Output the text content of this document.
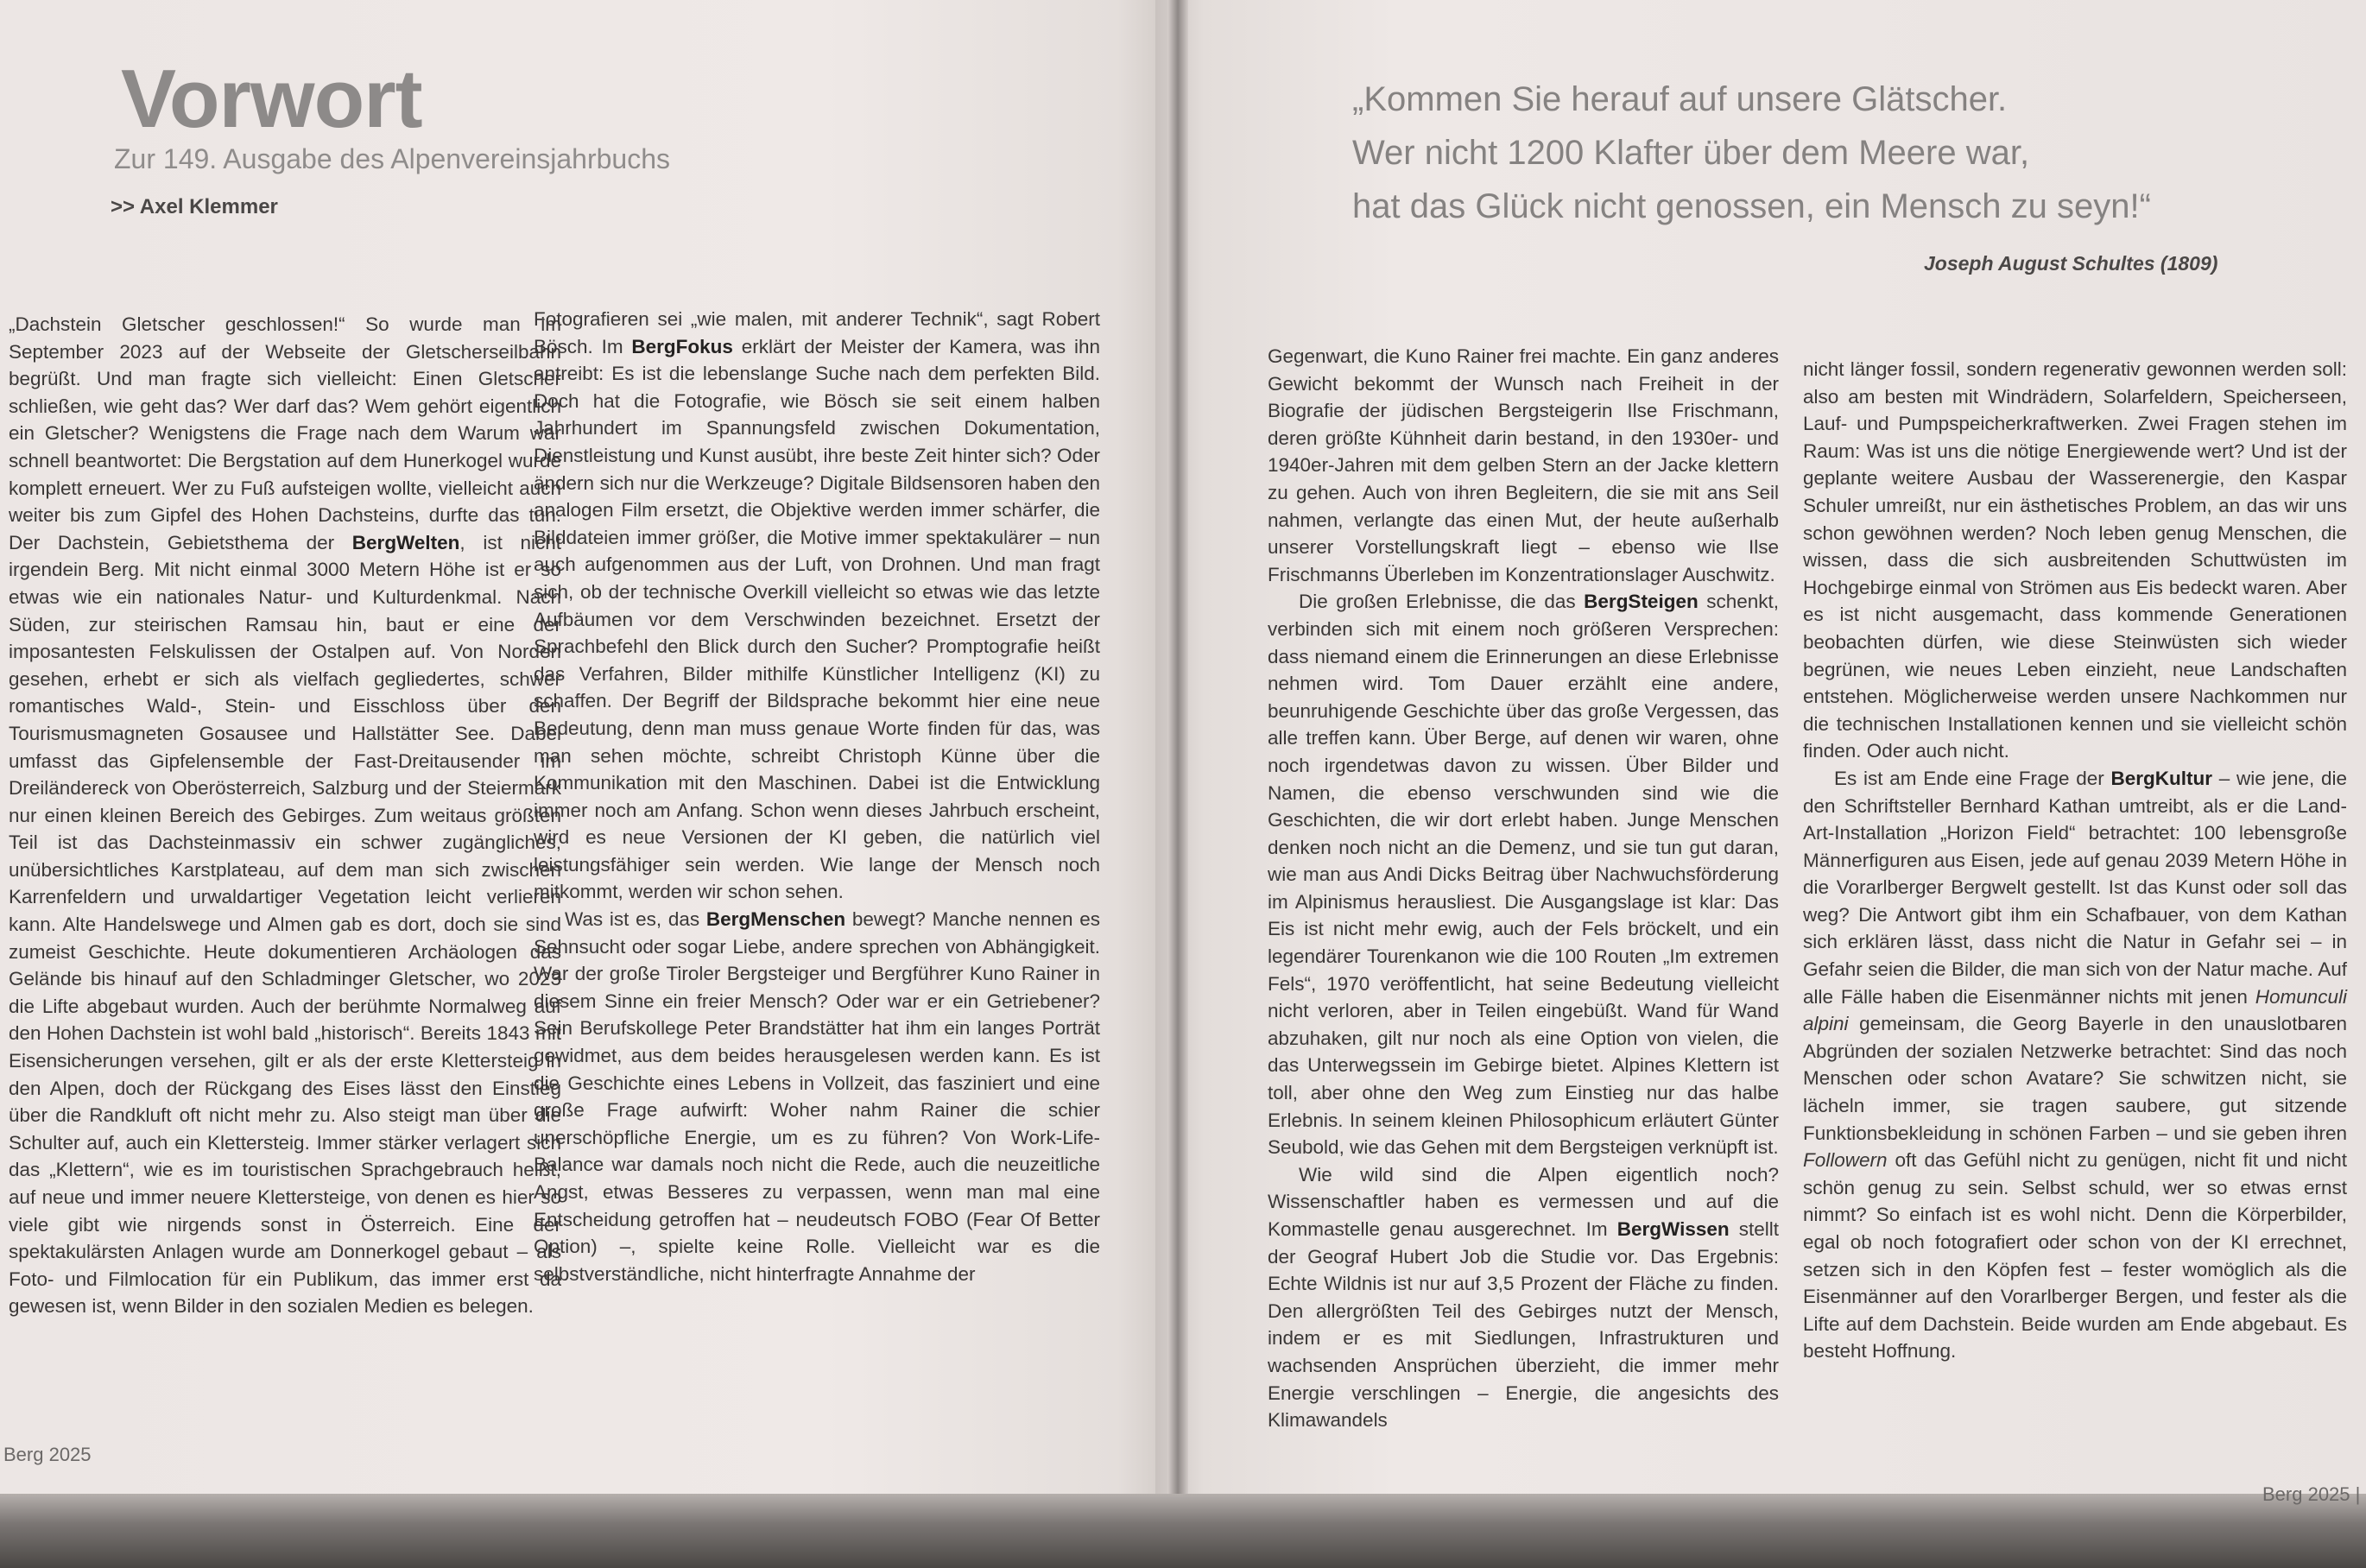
Vorwort
Zur 149. Ausgabe des Alpenvereinsjahrbuchs
>> Axel Klemmer

„Dachstein Gletscher geschlossen!“ So wurde man im September 2023 auf der Webseite der Gletscherseilbahn begrüßt. Und man fragte sich vielleicht: Einen Gletscher schließen, wie geht das? Wer darf das? Wem gehört eigentlich ein Gletscher? Wenigstens die Frage nach dem Warum war schnell beantwortet: Die Bergstation auf dem Hunerkogel wurde komplett erneuert. Wer zu Fuß aufsteigen wollte, vielleicht auch weiter bis zum Gipfel des Hohen Dachsteins, durfte das tun. Der Dachstein, Gebietsthema der BergWelten, ist nicht irgendein Berg. Mit nicht einmal 3000 Metern Höhe ist er so etwas wie ein nationales Natur- und Kulturdenkmal. Nach Süden, zur steirischen Ramsau hin, baut er eine der imposantesten Felskulissen der Ostalpen auf. Von Norden gesehen, erhebt er sich als vielfach gegliedertes, schwer romantisches Wald-, Stein- und Eisschloss über den Tourismusmagneten Gosausee und Hallstätter See. Dabei umfasst das Gipfelensemble der Fast-Dreitausender im Dreiländereck von Oberösterreich, Salzburg und der Steiermark nur einen kleinen Bereich des Gebirges. Zum weitaus größten Teil ist das Dachsteinmassiv ein schwer zugängliches, unübersichtliches Karstplateau, auf dem man sich zwischen Karrenfeldern und urwaldartiger Vegetation leicht verlieren kann. Alte Handelswege und Almen gab es dort, doch sie sind zumeist Geschichte. Heute dokumentieren Archäologen das Gelände bis hinauf auf den Schladminger Gletscher, wo 2023 die Lifte abgebaut wurden. Auch der berühmte Normalweg auf den Hohen Dachstein ist wohl bald „historisch“. Bereits 1843 mit Eisensicherungen versehen, gilt er als der erste Klettersteig in den Alpen, doch der Rückgang des Eises lässt den Einstieg über die Randkluft oft nicht mehr zu. Also steigt man über die Schulter auf, auch ein Klettersteig. Immer stärker verlagert sich das „Klettern“, wie es im touristischen Sprachgebrauch heißt, auf neue und immer neuere Klettersteige, von denen es hier so viele gibt wie nirgends sonst in Österreich. Eine der spektakulärsten Anlagen wurde am Donnerkogel gebaut – als Foto- und Filmlocation für ein Publikum, das immer erst da gewesen ist, wenn Bilder in den sozialen Medien es belegen.

Fotografieren sei „wie malen, mit anderer Technik“, sagt Robert Bösch. Im BergFokus erklärt der Meister der Kamera, was ihn antreibt: Es ist die lebenslange Suche nach dem perfekten Bild. Doch hat die Fotografie, wie Bösch sie seit einem halben Jahrhundert im Spannungsfeld zwischen Dokumentation, Dienstleistung und Kunst ausübt, ihre beste Zeit hinter sich? Oder ändern sich nur die Werkzeuge? Digitale Bildsensoren haben den analogen Film ersetzt, die Objektive werden immer schärfer, die Bilddateien immer größer, die Motive immer spektakulärer – nun auch aufgenommen aus der Luft, von Drohnen. Und man fragt sich, ob der technische Overkill vielleicht so etwas wie das letzte Aufbäumen vor dem Verschwinden bezeichnet. Ersetzt der Sprachbefehl den Blick durch den Sucher? Promptografie heißt das Verfahren, Bilder mithilfe Künstlicher Intelligenz (KI) zu schaffen. Der Begriff der Bildsprache bekommt hier eine neue Bedeutung, denn man muss genaue Worte finden für das, was man sehen möchte, schreibt Christoph Künne über die Kommunikation mit den Maschinen. Dabei ist die Entwicklung immer noch am Anfang. Schon wenn dieses Jahrbuch erscheint, wird es neue Versionen der KI geben, die natürlich viel leistungsfähiger sein werden. Wie lange der Mensch noch mitkommt, werden wir schon sehen.

Was ist es, das BergMenschen bewegt? Manche nennen es Sehnsucht oder sogar Liebe, andere sprechen von Abhängigkeit. War der große Tiroler Bergsteiger und Bergführer Kuno Rainer in diesem Sinne ein freier Mensch? Oder war er ein Getriebener? Sein Berufskollege Peter Brandstätter hat ihm ein langes Porträt gewidmet, aus dem beides herausgelesen werden kann. Es ist die Geschichte eines Lebens in Vollzeit, das fasziniert und eine große Frage aufwirft: Woher nahm Rainer die schier unerschöpfliche Energie, um es zu führen? Von Work-Life-Balance war damals noch nicht die Rede, auch die neuzeitliche Angst, etwas Besseres zu verpassen, wenn man mal eine Entscheidung getroffen hat – neudeutsch FOBO (Fear Of Better Option) –, spielte keine Rolle. Vielleicht war es die selbstverständliche, nicht hinterfragte Annahme der

Berg 2025
„Kommen Sie herauf auf unsere Glätscher.
Wer nicht 1200 Klafter über dem Meere war,
hat das Glück nicht genossen, ein Mensch zu seyn!“
Joseph August Schultes (1809)

Gegenwart, die Kuno Rainer frei machte. Ein ganz anderes Gewicht bekommt der Wunsch nach Freiheit in der Biografie der jüdischen Bergsteigerin Ilse Frischmann, deren größte Kühnheit darin bestand, in den 1930er- und 1940er-Jahren mit dem gelben Stern an der Jacke klettern zu gehen. Auch von ihren Begleitern, die sie mit ans Seil nahmen, verlangte das einen Mut, der heute außerhalb unserer Vorstellungskraft liegt – ebenso wie Ilse Frischmanns Überleben im Konzentrationslager Auschwitz.

Die großen Erlebnisse, die das BergSteigen schenkt, verbinden sich mit einem noch größeren Versprechen: dass niemand einem die Erinnerungen an diese Erlebnisse nehmen wird. Tom Dauer erzählt eine andere, beunruhigende Geschichte über das große Vergessen, das alle treffen kann. Über Berge, auf denen wir waren, ohne noch irgendetwas davon zu wissen. Über Bilder und Namen, die ebenso verschwunden sind wie die Geschichten, die wir dort erlebt haben. Junge Menschen denken noch nicht an die Demenz, und sie tun gut daran, wie man aus Andi Dicks Beitrag über Nachwuchsförderung im Alpinismus herausliest. Die Ausgangslage ist klar: Das Eis ist nicht mehr ewig, auch der Fels bröckelt, und ein legendärer Tourenkanon wie die 100 Routen „Im extremen Fels“, 1970 veröffentlicht, hat seine Bedeutung vielleicht nicht verloren, aber in Teilen eingebüßt. Wand für Wand abzuhaken, gilt nur noch als eine Option von vielen, die das Unterwegssein im Gebirge bietet. Alpines Klettern ist toll, aber ohne den Weg zum Einstieg nur das halbe Erlebnis. In seinem kleinen Philosophicum erläutert Günter Seubold, wie das Gehen mit dem Bergsteigen verknüpft ist.

Wie wild sind die Alpen eigentlich noch? Wissenschaftler haben es vermessen und auf die Kommastelle genau ausgerechnet. Im BergWissen stellt der Geograf Hubert Job die Studie vor. Das Ergebnis: Echte Wildnis ist nur auf 3,5 Prozent der Fläche zu finden. Den allergrößten Teil des Gebirges nutzt der Mensch, indem er es mit Siedlungen, Infrastrukturen und wachsenden Ansprüchen überzieht, die immer mehr Energie verschlingen – Energie, die angesichts des Klimawandels

nicht länger fossil, sondern regenerativ gewonnen werden soll: also am besten mit Windrädern, Solarfeldern, Speicherseen, Lauf- und Pumpspeicherkraftwerken. Zwei Fragen stehen im Raum: Was ist uns die nötige Energiewende wert? Und ist der geplante weitere Ausbau der Wasserenergie, den Kaspar Schuler umreißt, nur ein ästhetisches Problem, an das wir uns schon gewöhnen werden? Noch leben genug Menschen, die wissen, dass die sich ausbreitenden Schuttwüsten im Hochgebirge einmal von Strömen aus Eis bedeckt waren. Aber es ist nicht ausgemacht, dass kommende Generationen beobachten dürfen, wie diese Steinwüsten sich wieder begrünen, wie neues Leben einzieht, neue Landschaften entstehen. Möglicherweise werden unsere Nachkommen nur die technischen Installationen kennen und sie vielleicht schön finden. Oder auch nicht.

Es ist am Ende eine Frage der BergKultur – wie jene, die den Schriftsteller Bernhard Kathan umtreibt, als er die Land-Art-Installation „Horizon Field“ betrachtet: 100 lebensgroße Männerfiguren aus Eisen, jede auf genau 2039 Metern Höhe in die Vorarlberger Bergwelt gestellt. Ist das Kunst oder soll das weg? Die Antwort gibt ihm ein Schafbauer, von dem Kathan sich erklären lässt, dass nicht die Natur in Gefahr sei – in Gefahr seien die Bilder, die man sich von der Natur mache. Auf alle Fälle haben die Eisenmänner nichts mit jenen Homunculi alpini gemeinsam, die Georg Bayerle in den unauslotbaren Abgründen der sozialen Netzwerke betrachtet: Sind das noch Menschen oder schon Avatare? Sie schwitzen nicht, sie lächeln immer, sie tragen saubere, gut sitzende Funktionsbekleidung in schönen Farben – und sie geben ihren Followern oft das Gefühl nicht zu genügen, nicht fit und nicht schön genug zu sein. Selbst schuld, wer so etwas ernst nimmt? So einfach ist es wohl nicht. Denn die Körperbilder, egal ob noch fotografiert oder schon von der KI errechnet, setzen sich in den Köpfen fest – fester womöglich als die Eisenmänner auf den Vorarlberger Bergen, und fester als die Lifte auf dem Dachstein. Beide wurden am Ende abgebaut. Es besteht Hoffnung.

Berg 2025 |
